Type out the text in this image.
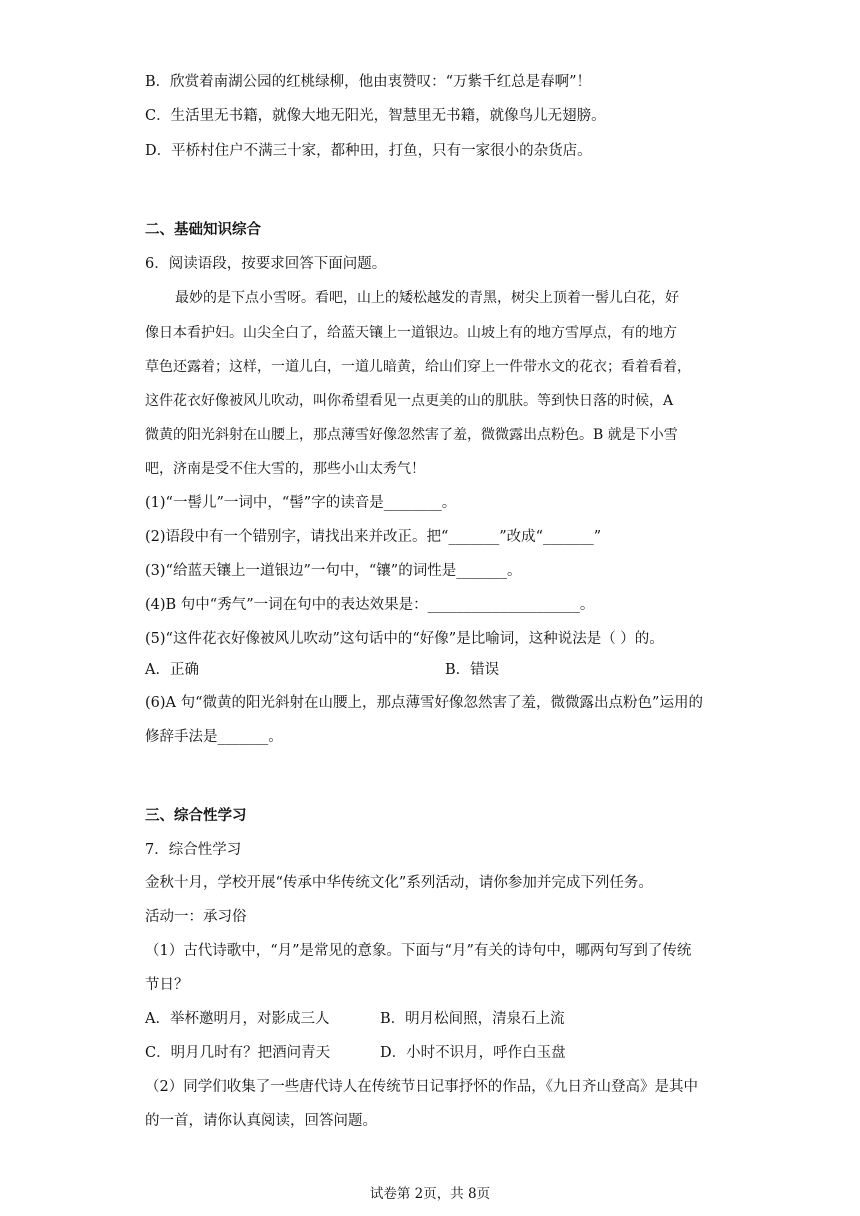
B．欣赏着南湖公园的红桃绿柳，他由衷赞叹：“万紫千红总是春啊”！

C．生活里无书籍，就像大地无阳光，智慧里无书籍，就像鸟儿无翅膀。

D．平桥村住户不满三十家，都种田，打鱼，只有一家很小的杂货店。

二、基础知识综合

6．阅读语段，按要求回答下面问题。

最妙的是下点小雪呀。看吧，山上的矮松越发的青黑，树尖上顶着一髻儿白花，好

像日本看护妇。山尖全白了，给蓝天镶上一道银边。山坡上有的地方雪厚点，有的地方

草色还露着；这样，一道儿白，一道儿暗黄，给山们穿上一件带水文的花衣；看着看着，

这件花衣好像被风儿吹动，叫你希望看见一点更美的山的肌肤。等到快日落的时候，A

微黄的阳光斜射在山腰上，那点薄雪好像忽然害了羞，微微露出点粉色。B 就是下小雪

吧，济南是受不住大雪的，那些小山太秀气！

(1)“一髻儿”一词中，“髻”字的读音是________。

(2)语段中有一个错别字，请找出来并改正。把“_______”改成“_______”

(3)“给蓝天镶上一道银边”一句中，“镶”的词性是_______。

(4)B 句中“秀气”一词在句中的表达效果是：_____________________。

(5)“这件花衣好像被风儿吹动”这句话中的“好像”是比喻词，这种说法是（ ）的。

A．正确	B．错误

(6)A 句“微黄的阳光斜射在山腰上，那点薄雪好像忽然害了羞，微微露出点粉色”运用的

修辞手法是_______。

三、综合性学习

7．综合性学习

金秋十月，学校开展“传承中华传统文化”系列活动，请你参加并完成下列任务。

活动一：承习俗

（1）古代诗歌中，“月”是常见的意象。下面与“月”有关的诗句中，哪两句写到了传统

节日？

A．举杯邀明月，对影成三人	B．明月松间照，清泉石上流

C．明月几时有？把酒问青天	D．小时不识月，呼作白玉盘

（2）同学们收集了一些唐代诗人在传统节日记事抒怀的作品，《九日齐山登高》是其中

的一首，请你认真阅读，回答问题。

试卷第 2页，共 8页
